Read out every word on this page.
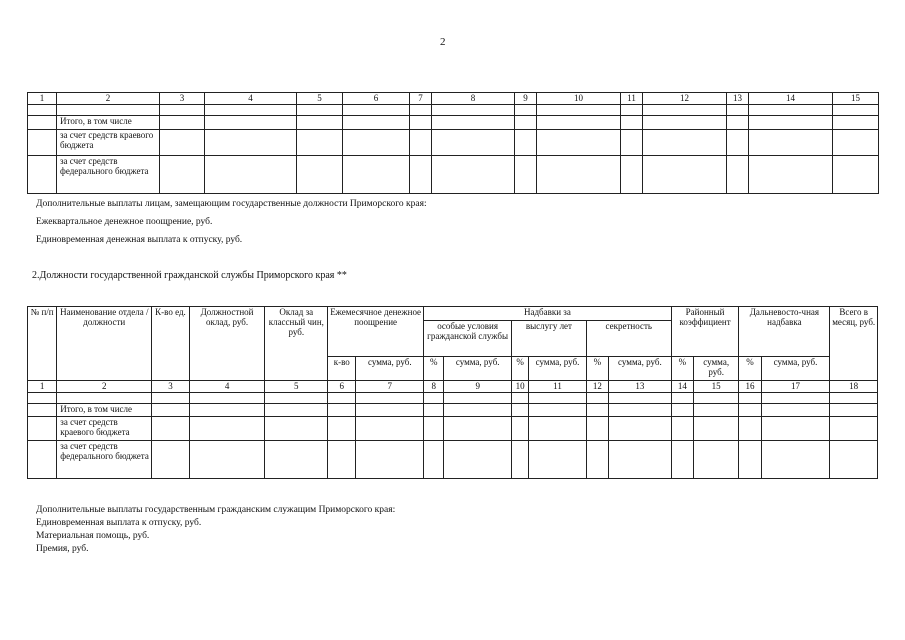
2
1	2	3	4	5	6	7	8	9	10	11	12	13	14	15

	Итого, в том числе													
	за счет средств краевого бюджета													
	за счет средств федерального бюджета													
Дополнительные выплаты лицам, замещающим государственные должности Приморского края:
Ежеквартальное денежное поощрение, руб.
Единовременная денежная выплата к отпуску, руб.
2.Должности государственной гражданской службы Приморского края **
№ п/п	Наименование отдела / должности	К-во ед.	Должностной оклад, руб.	Оклад за классный чин, руб.	Ежемесячное денежное поощрение		Надбавки за						Районный коэффициент		Дальневосто-чная надбавка		Всего в месяц, руб.
							особые условия гражданской службы		выслугу лет		секретность						
					к-во	сумма, руб.	%	сумма, руб.	%	сумма, руб.	%	сумма, руб.	%	сумма, руб.	%	сумма, руб.	
1	2	3	4	5	6	7	8	9	10	11	12	13	14	15	16	17	18

	Итого, в том числе																
	за счет средств краевого бюджета																
	за счет средств федерального бюджета																
Дополнительные выплаты государственным гражданским служащим Приморского края:
Единовременная выплата к отпуску, руб.
Материальная помощь, руб.
Премия, руб.
